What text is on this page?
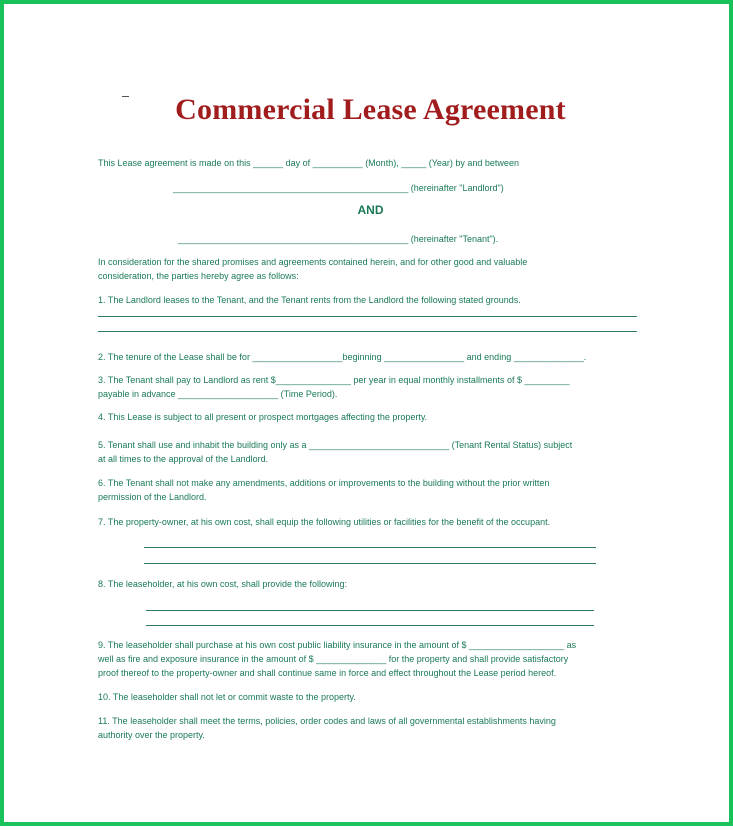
Commercial Lease Agreement
This Lease agreement is made on this ______ day of __________ (Month), _____ (Year) by and between
_______________________________________________ (hereinafter "Landlord")
AND
______________________________________________ (hereinafter "Tenant").
In consideration for the shared promises and agreements contained herein, and for other good and valuable
consideration, the parties hereby agree as follows:
1. The Landlord leases to the Tenant, and the Tenant rents from the Landlord the following stated grounds.
2. The tenure of the Lease shall be for __________________beginning ________________ and ending ______________.
3. The Tenant shall pay to Landlord as rent $_______________ per year in equal monthly installments of $ _________
payable in advance ____________________ (Time Period).
4. This Lease is subject to all present or prospect mortgages affecting the property.
5. Tenant shall use and inhabit the building only as a ____________________________ (Tenant Rental Status) subject
at all times to the approval of the Landlord.
6. The Tenant shall not make any amendments, additions or improvements to the building without the prior written
permission of the Landlord.
7. The property-owner, at his own cost, shall equip the following utilities or facilities for the benefit of the occupant.
8. The leaseholder, at his own cost, shall provide the following:
9. The leaseholder shall purchase at his own cost public liability insurance in the amount of $ ___________________ as
well as fire and exposure insurance in the amount of $ ______________ for the property and shall provide satisfactory
proof thereof to the property-owner and shall continue same in force and effect throughout the Lease period hereof.
10. The leaseholder shall not let or commit waste to the property.
11. The leaseholder shall meet the terms, policies, order codes and laws of all governmental establishments having
authority over the property.
